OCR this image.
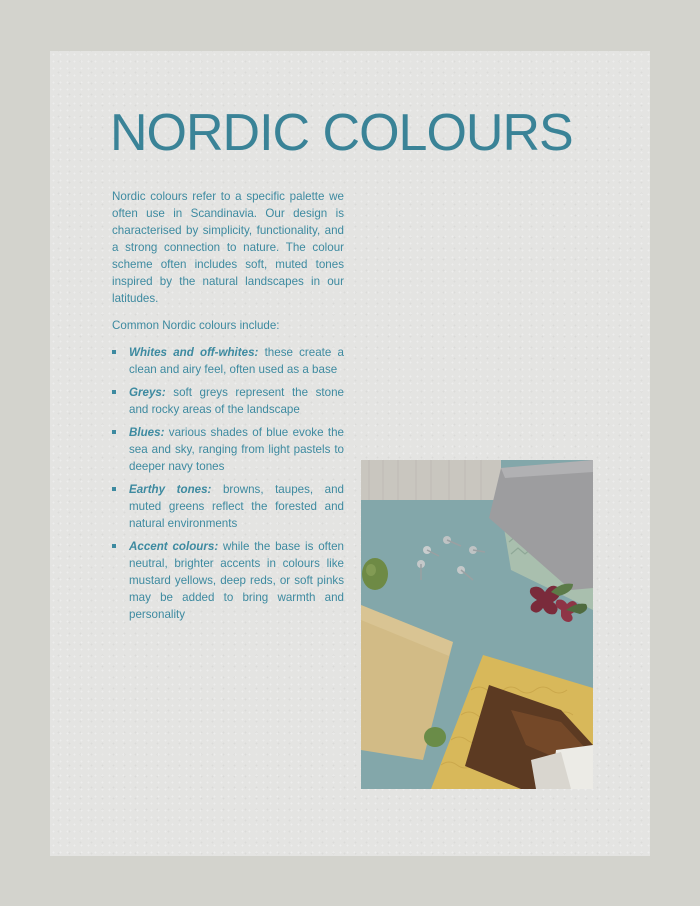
NORDIC COLOURS

Nordic colours refer to a specific palette we often use in Scandinavia. Our design is characterised by simplicity, functionality, and a strong connection to nature. The colour scheme often includes soft, muted tones inspired by the natural landscapes in our latitudes.

Common Nordic colours include:

Whites and off-whites: these create a clean and airy feel, often used as a base
Greys: soft greys represent the stone and rocky areas of the landscape
Blues: various shades of blue evoke the sea and sky, ranging from light pastels to deeper navy tones
Earthy tones: browns, taupes, and muted greens reflect the forested and natural environments
Accent colours: while the base is often neutral, brighter accents in colours like mustard yellows, deep reds, or soft pinks may be added to bring warmth and personality
